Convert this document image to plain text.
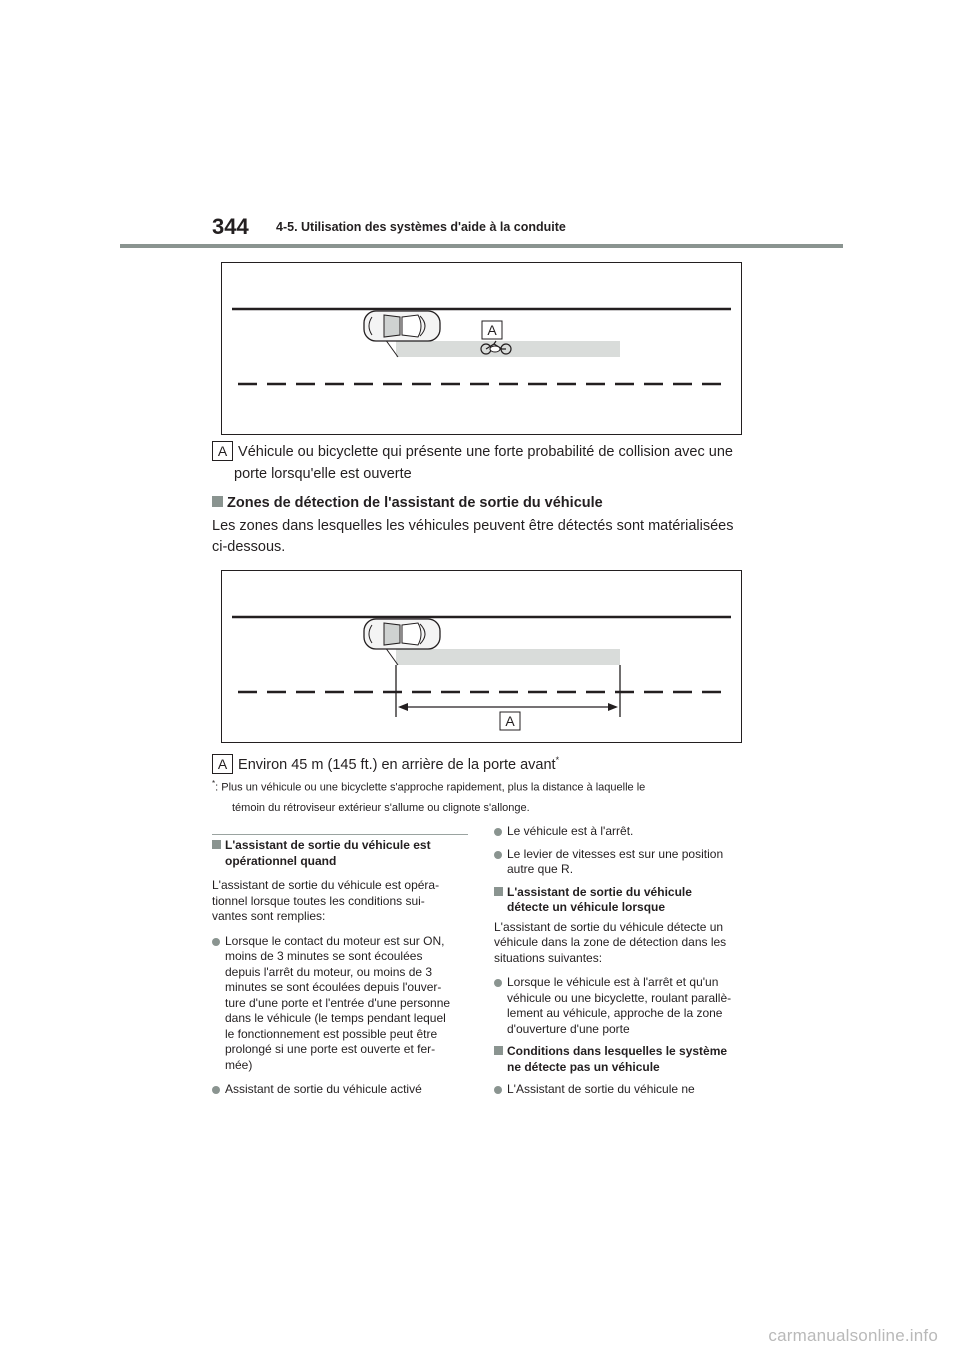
344 4-5. Utilisation des systèmes d'aide à la conduite
A
A Véhicule ou bicyclette qui présente une forte probabilité de collision avec une
porte lorsqu'elle est ouverte
Zones de détection de l'assistant de sortie du véhicule
Les zones dans lesquelles les véhicules peuvent être détectés sont matérialisées
ci-dessous.
A
A Environ 45 m (145 ft.) en arrière de la porte avant*
*: Plus un véhicule ou une bicyclette s'approche rapidement, plus la distance à laquelle le
témoin du rétroviseur extérieur s'allume ou clignote s'allonge.
L'assistant de sortie du véhicule est
opérationnel quand

L'assistant de sortie du véhicule est opéra-
tionnel lorsque toutes les conditions sui-
vantes sont remplies:

Lorsque le contact du moteur est sur ON,
moins de 3 minutes se sont écoulées
depuis l'arrêt du moteur, ou moins de 3
minutes se sont écoulées depuis l'ouver-
ture d'une porte et l'entrée d'une personne
dans le véhicule (le temps pendant lequel
le fonctionnement est possible peut être
prolongé si une porte est ouverte et fer-
mée)
Assistant de sortie du véhicule activé
Le véhicule est à l'arrêt.
Le levier de vitesses est sur une position
autre que R.
L'assistant de sortie du véhicule
détecte un véhicule lorsque

L'assistant de sortie du véhicule détecte un
véhicule dans la zone de détection dans les
situations suivantes:

Lorsque le véhicule est à l'arrêt et qu'un
véhicule ou une bicyclette, roulant parallè-
lement au véhicule, approche de la zone
d'ouverture d'une porte
Conditions dans lesquelles le système
ne détecte pas un véhicule
L'Assistant de sortie du véhicule ne
carmanualsonline.info
